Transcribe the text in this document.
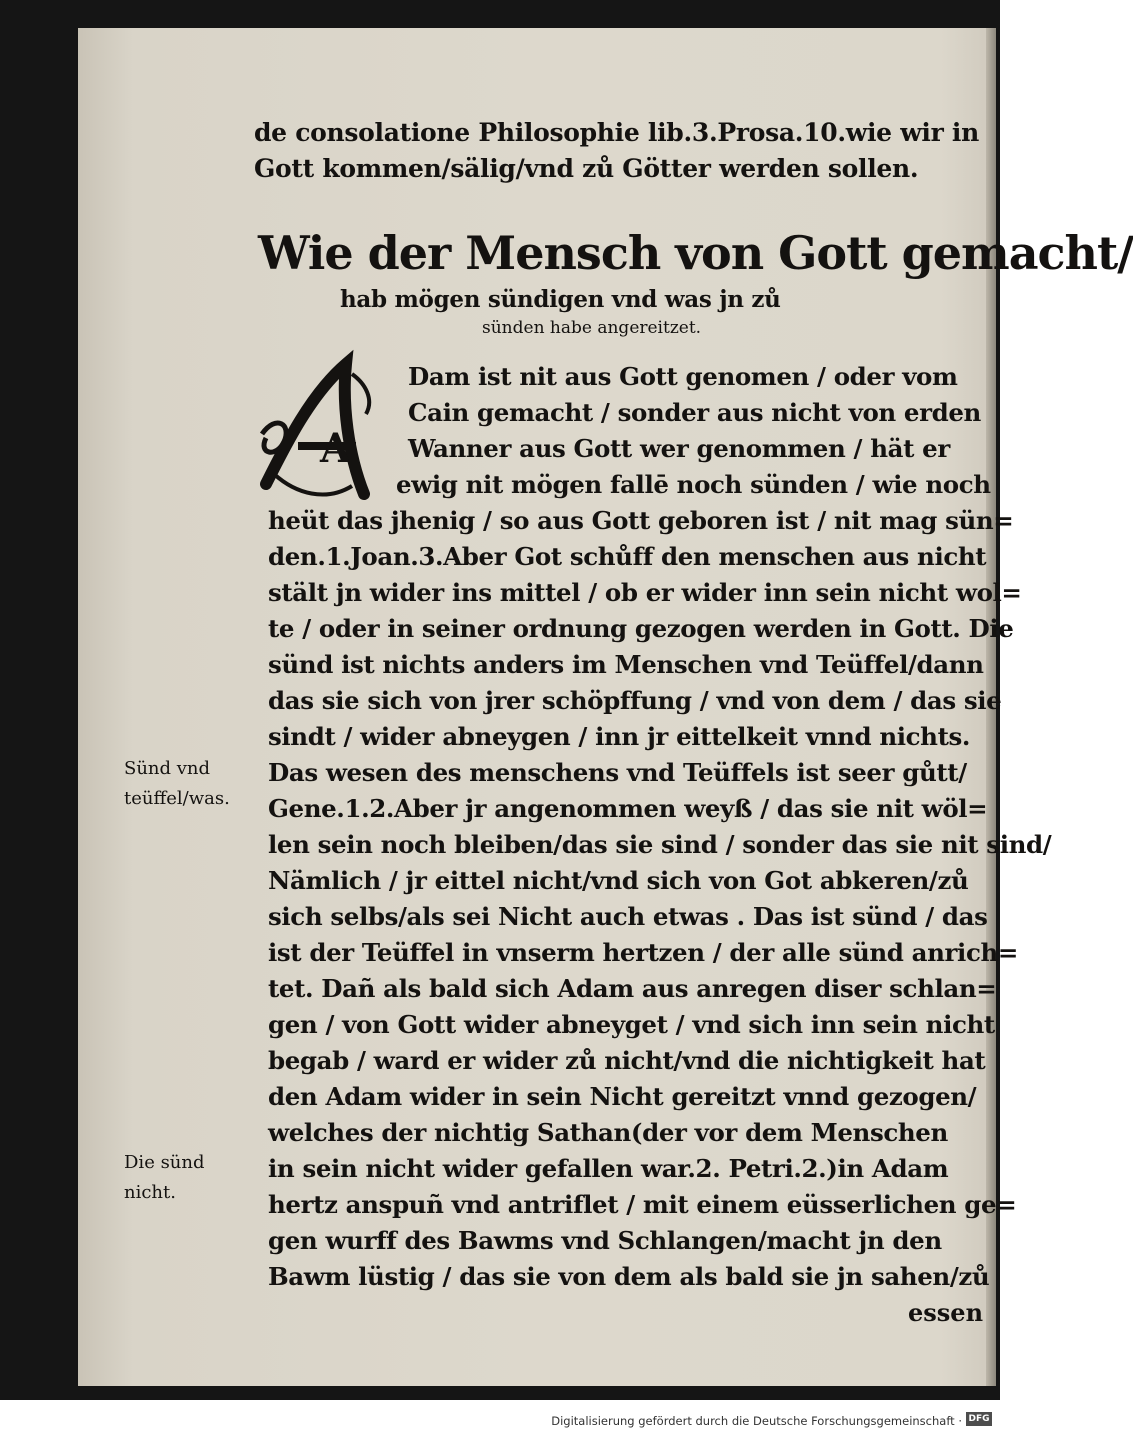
de consolatione Philosophie lib.3.Prosa.10.wie wir in
Gott kommen/sälig/vnd zů Götter werden sollen.
Wie der Mensch von Gott gemacht/
hab mögen sündigen vnd was jn zů
sünden habe angereitzet.
A
Dam ist nit aus Gott genomen / oder vom
Cain gemacht / sonder aus nicht von erden
Wanner aus Gott wer genommen / hät er
ewig nit mögen fallē noch sünden / wie noch
heüt das jhenig / so aus Gott geboren ist / nit mag sün=
den.1.Joan.3.Aber Got schůff den menschen aus nicht
stält jn wider ins mittel / ob er wider inn sein nicht wol=
te / oder in seiner ordnung gezogen werden in Gott. Die
sünd ist nichts anders im Menschen vnd Teüffel/dann
das sie sich von jrer schöpffung / vnd von dem / das sie
sindt / wider abneygen / inn jr eittelkeit vnnd nichts.
Das wesen des menschens vnd Teüffels ist seer gůtt/
Gene.1.2.Aber jr angenommen weyß / das sie nit wöl=
len sein noch bleiben/das sie sind / sonder das sie nit sind/
Nämlich / jr eittel nicht/vnd sich von Got abkeren/zů
sich selbs/als sei Nicht auch etwas . Das ist sünd / das
ist der Teüffel in vnserm hertzen / der alle sünd anrich=
tet. Dañ als bald sich Adam aus anregen diser schlan=
gen / von Gott wider abneyget / vnd sich inn sein nicht
begab / ward er wider zů nicht/vnd die nichtigkeit hat
den Adam wider in sein Nicht gereitzt vnnd gezogen/
welches der nichtig Sathan(der vor dem Menschen
in sein nicht wider gefallen war.2. Petri.2.)in Adam
hertz anspuñ vnd antriflet / mit einem eüsserlichen ge=
gen wurff des Bawms vnd Schlangen/macht jn den
Bawm lüstig / das sie von dem als bald sie jn sahen/zů
essen
Sünd vnd
teüffel/was.
Die sünd
nicht.
Digitalisierung gefördert durch die Deutsche Forschungsgemeinschaft · DFG
